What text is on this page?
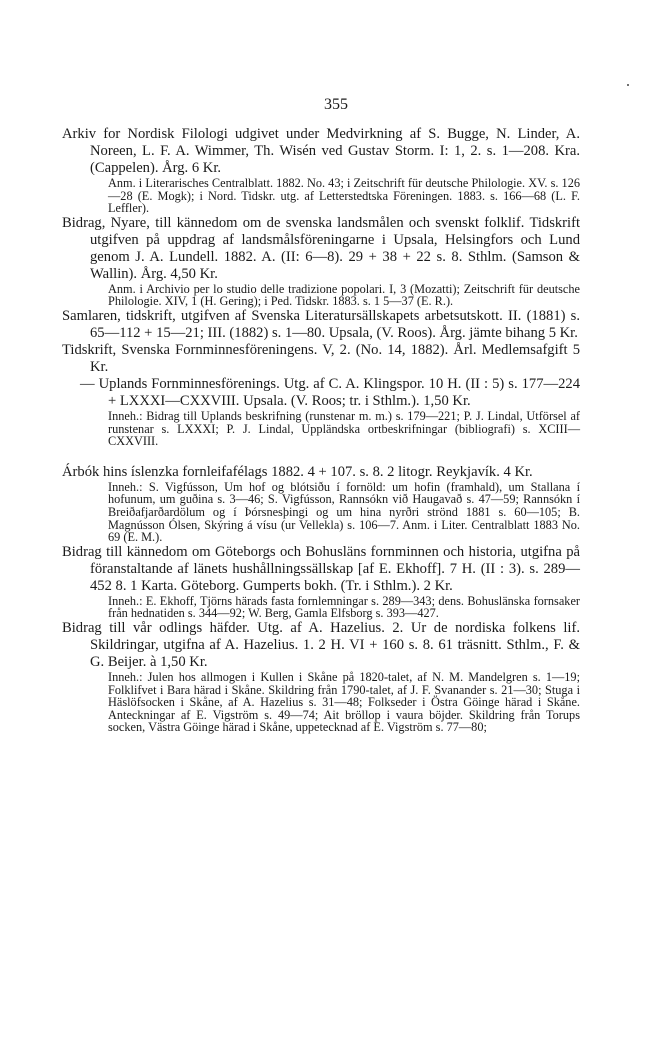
355
Arkiv for Nordisk Filologi udgivet under Medvirkning af S. Bugge, N. Linder, A. Noreen, L. F. A. Wimmer, Th. Wisén ved Gustav Storm. I: 1, 2. s. 1—208. Kra. (Cappelen). Årg. 6 Kr.
Anm. i Literarisches Centralblatt. 1882. No. 43; i Zeitschrift für deutsche Philologie. XV. s. 126—28 (E. Mogk); i Nord. Tidskr. utg. af Letterstedtska Föreningen. 1883. s. 166—68 (L. F. Leffler).
Bidrag, Nyare, till kännedom om de svenska landsmålen och svenskt folklif. Tidskrift utgifven på uppdrag af landsmålsföreningarne i Upsala, Helsingfors och Lund genom J. A. Lundell. 1882. A. (II: 6—8). 29 + 38 + 22 s. 8. Sthlm. (Samson & Wallin). Årg. 4,50 Kr.
Anm. i Archivio per lo studio delle tradizione popolari. I, 3 (Mozatti); Zeitschrift für deutsche Philologie. XIV, 1 (H. Gering); i Ped. Tidskr. 1883. s. 1 5—37 (E. R.).
Samlaren, tidskrift, utgifven af Svenska Literatursällskapets arbetsutskott. II. (1881) s. 65—112 + 15—21; III. (1882) s. 1—80. Upsala, (V. Roos). Årg. jämte bihang 5 Kr.
Tidskrift, Svenska Fornminnesföreningens. V, 2. (No. 14, 1882). Årl. Medlemsafgift 5 Kr.
— Uplands Fornminnesförenings. Utg. af C. A. Klingspor. 10 H. (II : 5) s. 177—224 + LXXXI—CXXVIII. Upsala. (V. Roos; tr. i Sthlm.). 1,50 Kr.
Inneh.: Bidrag till Uplands beskrifning (runstenar m. m.) s. 179—221; P. J. Lindal, Utförsel af runstenar s. LXXXI; P. J. Lindal, Uppländska ortbeskrifningar (bibliografi) s. XCIII—CXXVIII.
Árbók hins íslenzka fornleifafélags 1882. 4 + 107. s. 8. 2 litogr. Reykjavík. 4 Kr.
Inneh.: S. Vigfússon, Um hof og blótsiðu í fornöld: um hofin (framhald), um Stallana í hofunum, um guðina s. 3—46; S. Vigfússon, Rannsókn við Haugavað s. 47—59; Rannsókn í Breiðafjarðardölum og í Þórsnesþingi og um hina nyrðri strönd 1881 s. 60—105; B. Magnússon Ólsen, Skýring á vísu (ur Vellekla) s. 106—7. Anm. i Liter. Centralblatt 1883 No. 69 (E. M.).
Bidrag till kännedom om Göteborgs och Bohusläns fornminnen och historia, utgifna på föranstaltande af länets hushållningssällskap [af E. Ekhoff]. 7 H. (II : 3). s. 289—452 8. 1 Karta. Göteborg. Gumperts bokh. (Tr. i Sthlm.). 2 Kr.
Inneh.: E. Ekhoff, Tjörns härads fasta fornlemningar s. 289—343; dens. Bohuslänska fornsaker från hednatiden s. 344—92; W. Berg, Gamla Elfsborg s. 393—427.
Bidrag till vår odlings häfder. Utg. af A. Hazelius. 2. Ur de nordiska folkens lif. Skildringar, utgifna af A. Hazelius. 1. 2 H. VI + 160 s. 8. 61 träsnitt. Sthlm., F. & G. Beijer. à 1,50 Kr.
Inneh.: Julen hos allmogen i Kullen i Skåne på 1820-talet, af N. M. Mandelgren s. 1—19; Folklifvet i Bara härad i Skåne. Skildring från 1790-talet, af J. F. Svanander s. 21—30; Stuga i Häslöfsocken i Skåne, af A. Hazelius s. 31—48; Folkseder i Östra Göinge härad i Skåne. Anteckningar af E. Vigström s. 49—74; Ait bröllop i vaura böjder. Skildring från Torups socken, Västra Göinge härad i Skåne, uppetecknad af E. Vigström s. 77—80;
